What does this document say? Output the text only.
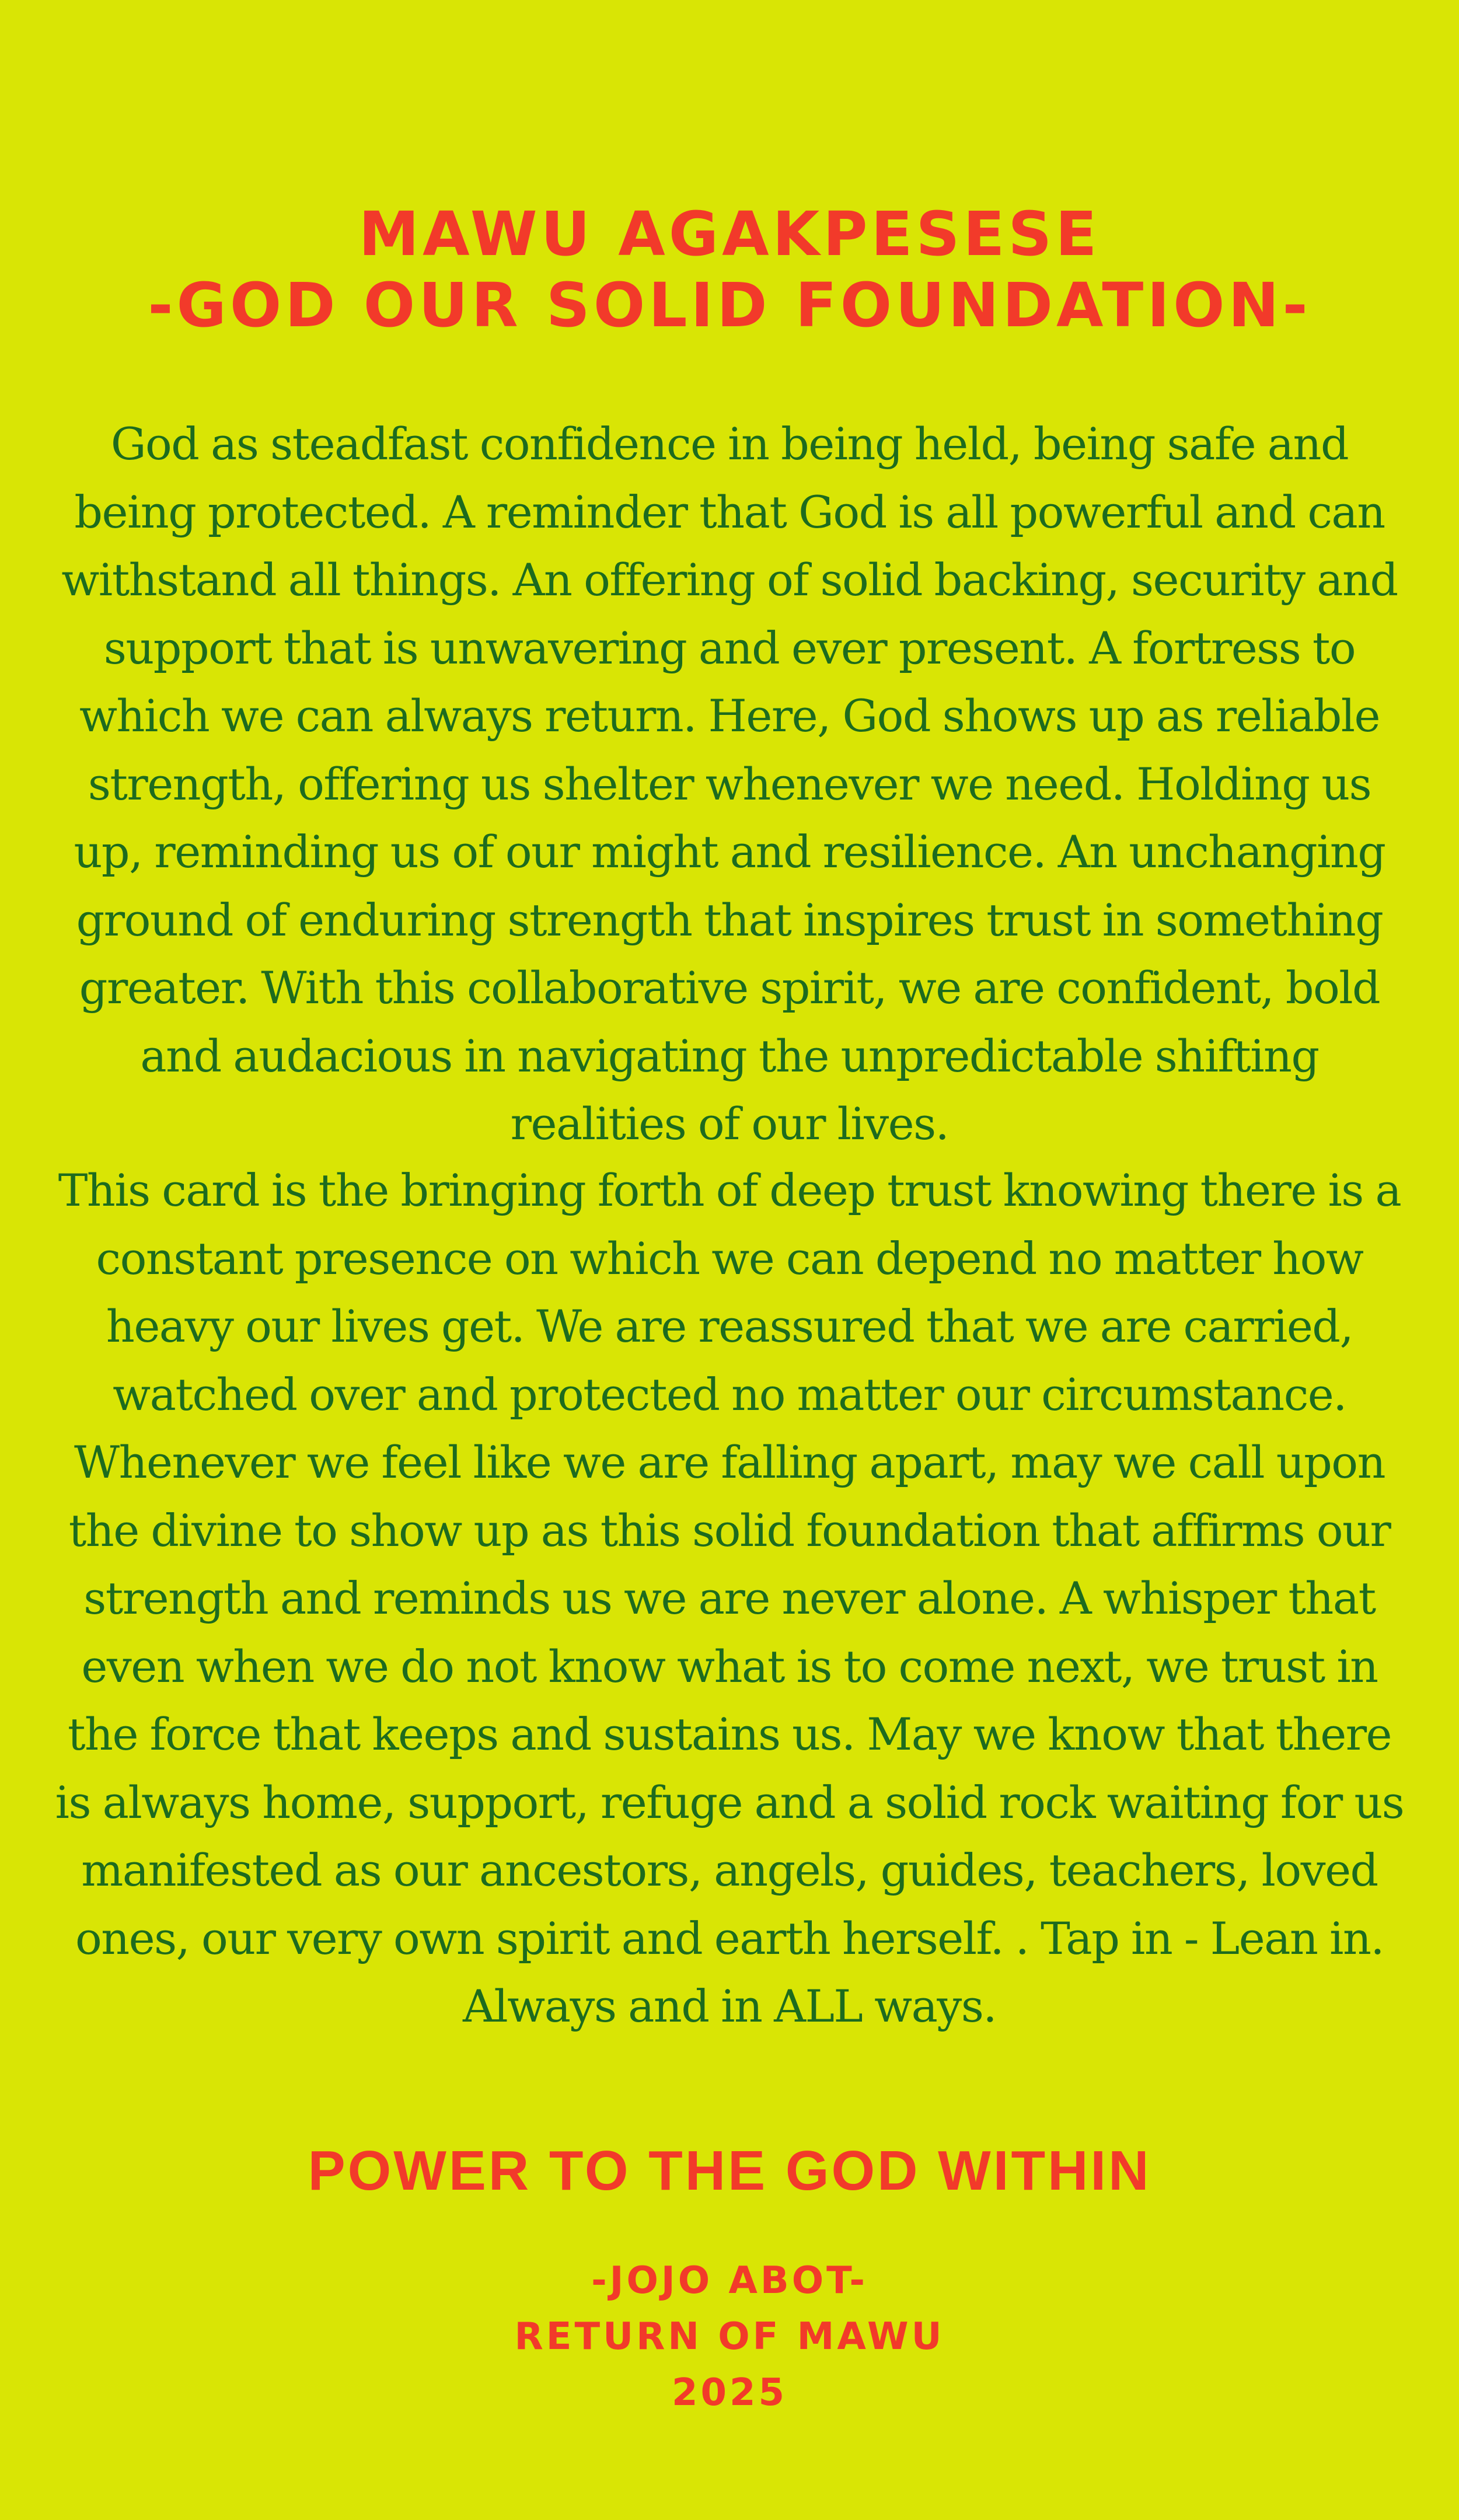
MAWU AGAKPESESE
-GOD OUR SOLID FOUNDATION-

God as steadfast confidence in being held, being safe and being protected. A reminder that God is all powerful and can withstand all things. An offering of solid backing, security and support that is unwavering and ever present. A fortress to which we can always return. Here, God shows up as reliable strength, offering us shelter whenever we need. Holding us up, reminding us of our might and resilience. An unchanging ground of enduring strength that inspires trust in something greater. With this collaborative spirit, we are confident, bold and audacious in navigating the unpredictable shifting realities of our lives.

This card is the bringing forth of deep trust knowing there is a constant presence on which we can depend no matter how heavy our lives get. We are reassured that we are carried, watched over and protected no matter our circumstance. Whenever we feel like we are falling apart, may we call upon the divine to show up as this solid foundation that affirms our strength and reminds us we are never alone. A whisper that even when we do not know what is to come next, we trust in the force that keeps and sustains us. May we know that there is always home, support, refuge and a solid rock waiting for us manifested as our ancestors, angels, guides, teachers, loved ones, our very own spirit and earth herself. . Tap in - Lean in. Always and in ALL ways.

POWER TO THE GOD WITHIN
-JOJO ABOT-
RETURN OF MAWU
2025
